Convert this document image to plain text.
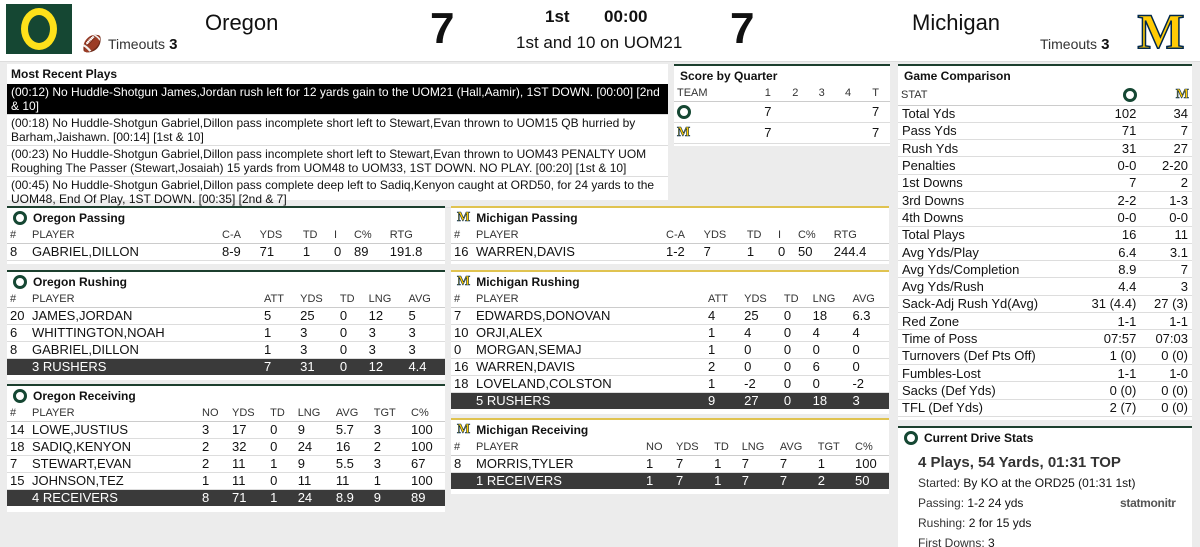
🏈 Timeouts 3
Oregon	7	1st 00:00
1st and 10 on UOM21 7	Michigan
Timeouts 3 M
Most Recent Plays
(00:12) No Huddle-Shotgun James,Jordan rush left for 12 yards gain to the UOM21 (Hall,Aamir), 1ST DOWN. [00:00] [2nd & 10]
(00:18) No Huddle-Shotgun Gabriel,Dillon pass incomplete short left to Stewart,Evan thrown to UOM15 QB hurried by Barham,Jaishawn. [00:14] [1st & 10]
(00:23) No Huddle-Shotgun Gabriel,Dillon pass incomplete short left to Stewart,Evan thrown to UOM43 PENALTY UOM Roughing The Passer (Stewart,Josaiah) 15 yards from UOM48 to UOM33, 1ST DOWN. NO PLAY. [00:20] [1st & 10]
(00:45) No Huddle-Shotgun Gabriel,Dillon pass complete deep left to Sadiq,Kenyon caught at ORD50, for 24 yards to the UOM48, End Of Play, 1ST DOWN. [00:35] [2nd & 7]
Score by Quarter
TEAM	1	2	3	4	T
	7				7
M	7				7
Game Comparison
STAT		M
Total Yds	102	34
Pass Yds	71	7
Rush Yds	31	27
Penalties	0-0	2-20
1st Downs	7	2
3rd Downs	2-2	1-3
4th Downs	0-0	0-0
Total Plays	16	11
Avg Yds/Play	6.4	3.1
Avg Yds/Completion	8.9	7
Avg Yds/Rush	4.4	3
Sack-Adj Rush Yd(Avg)	31 (4.4)	27 (3)
Red Zone	1-1	1-1
Time of Poss	07:57	07:03
Turnovers (Def Pts Off)	1 (0)	0 (0)
Fumbles-Lost	1-1	1-0
Sacks (Def Yds)	0 (0)	0 (0)
TFL (Def Yds)	2 (7)	0 (0)
Current Drive Stats
4 Plays, 54 Yards, 01:31 TOP
Started: By KO at the ORD25 (01:31 1st)
Passing: 1-2 24 yds
Rushing: 2 for 15 yds
First Downs: 3
statmonitr
Oregon Passing
#	PLAYER	C-A	YDS	TD	I	C%	RTG
8	GABRIEL,DILLON	8-9	71	1	0	89	191.8
M Michigan Passing
#	PLAYER	C-A	YDS	TD	I	C%	RTG
16	WARREN,DAVIS	1-2	7	1	0	50	244.4
Oregon Rushing
#	PLAYER	ATT	YDS	TD	LNG	AVG
20	JAMES,JORDAN	5	25	0	12	5
6	WHITTINGTON,NOAH	1	3	0	3	3
8	GABRIEL,DILLON	1	3	0	3	3
	3 RUSHERS	7	31	0	12	4.4
M Michigan Rushing
#	PLAYER	ATT	YDS	TD	LNG	AVG
7	EDWARDS,DONOVAN	4	25	0	18	6.3
10	ORJI,ALEX	1	4	0	4	4
0	MORGAN,SEMAJ	1	0	0	0	0
16	WARREN,DAVIS	2	0	0	6	0
18	LOVELAND,COLSTON	1	-2	0	0	-2
	5 RUSHERS	9	27	0	18	3
Oregon Receiving
#	PLAYER	NO	YDS	TD	LNG	AVG	TGT	C%
14	LOWE,JUSTIUS	3	17	0	9	5.7	3	100
18	SADIQ,KENYON	2	32	0	24	16	2	100
7	STEWART,EVAN	2	11	1	9	5.5	3	67
15	JOHNSON,TEZ	1	11	0	11	11	1	100
	4 RECEIVERS	8	71	1	24	8.9	9	89
M Michigan Receiving
#	PLAYER	NO	YDS	TD	LNG	AVG	TGT	C%
8	MORRIS,TYLER	1	7	1	7	7	1	100
	1 RECEIVERS	1	7	1	7	7	2	50
